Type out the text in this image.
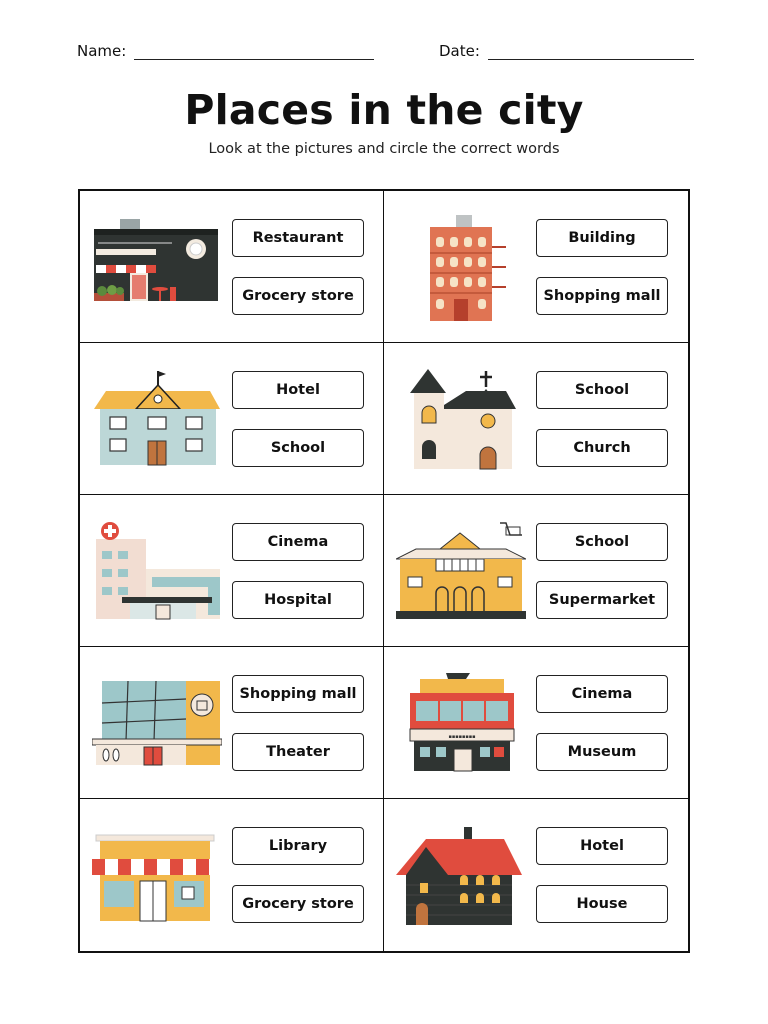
Name:	Date:
Places in the city
Look at the pictures and circle the correct words
Restaurant
Grocery store
Building
Shopping mall
Hotel
School
School
Church
Cinema
Hospital
School
Supermarket
Shopping mall
Theater
▪▪▪▪▪▪▪▪
Cinema
Museum
Library
Grocery store
Hotel
House
